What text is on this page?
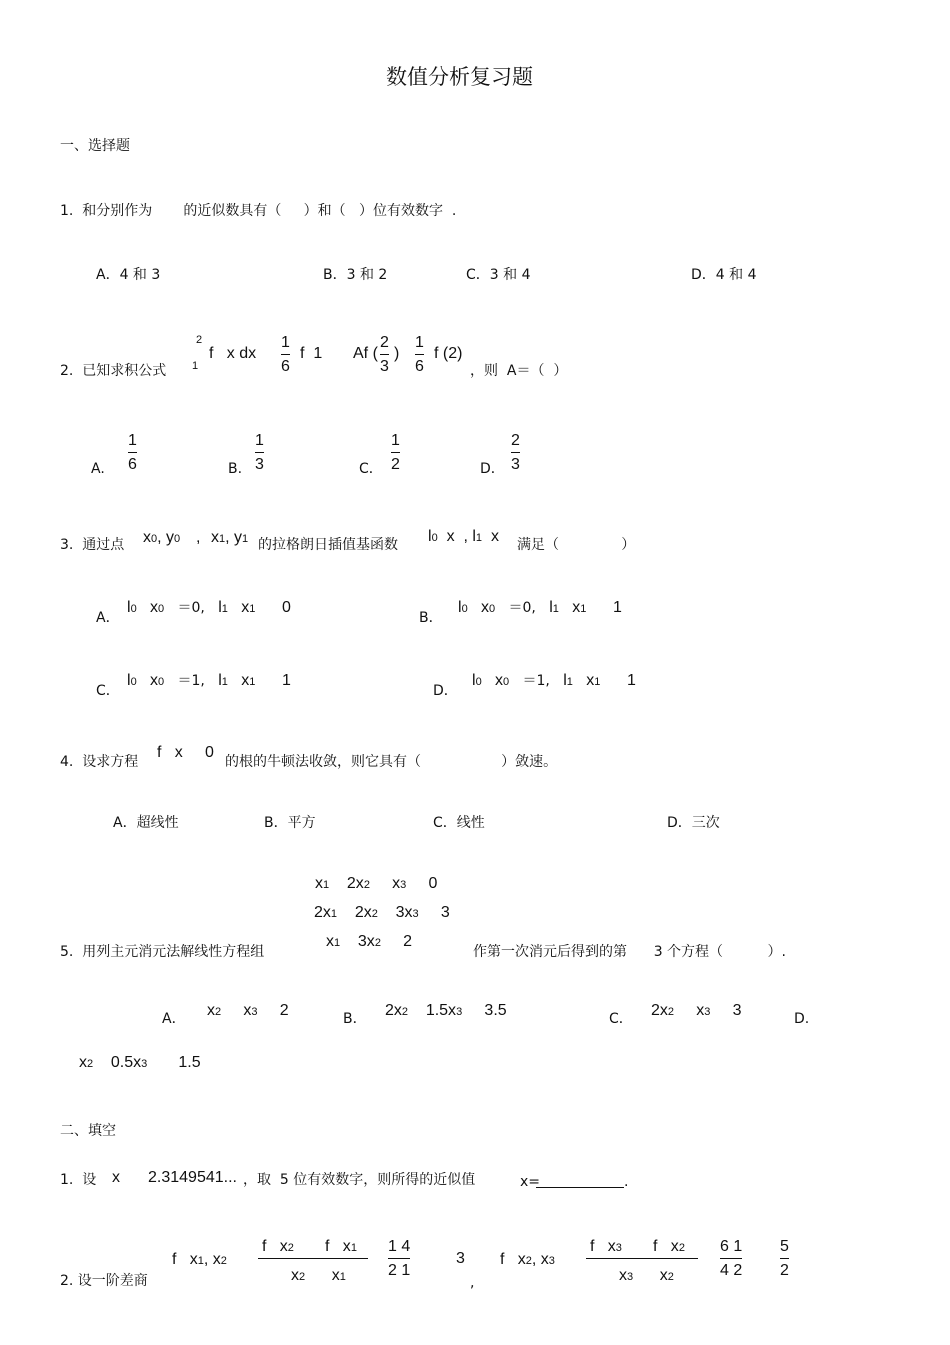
数值分析复习题
一、选择题
1.  和分别作为       的近似数具有（     ）和（   ）位有效数字  .
A．4 和 3	B．3 和 2	C．3 和 4	D．4 和 4
2.  已知求积公式
2
1
f   x dx
1
6
f  1 Af (
2
3
)
1
6
f (2)
，则  A＝（  ）
A.
1
6	B.
1
3	C．
1
2	D．
2
3
3.  通过点 x0, y0 , x1, y1 的拉格朗日插值基函数 l0 x  , l1 x 满足（              ）
A．
l0   x0 ＝0,   l1   x1 0
B．
l0   x0 ＝0,   l1   x1 1
C．
l0   x0 ＝1,   l1   x1 1
D．
l0   x0 ＝1,   l1   x1 1
4.  设求方程
f   x     0
的根的牛顿法收敛，则它具有（                  ）敛速。
A．超线性	B．平方	C．线性	D．三次
x1 2x2 x3 0
2x1 2x2 3x3 3
x1 3x2 2
5.  用列主元消元法解线性方程组	作第一次消元后得到的第      3 个方程（          ）.
A． x2     x3 2	B． 2x2 1.5x3 3.5	C． 2x2     x3 3	D.
x2 0.5x3 1.5
二、填空
1.  设 x 2.3149541... ，取  5 位有效数字，则所得的近似值	x=	.
2. 设一阶差商
f   x1, x2
f   x2       f   x1
x2      x1
1 4
2 1
3
,
f   x2, x3
f   x3       f   x2
x3      x2
6 1
4 2
5
2
